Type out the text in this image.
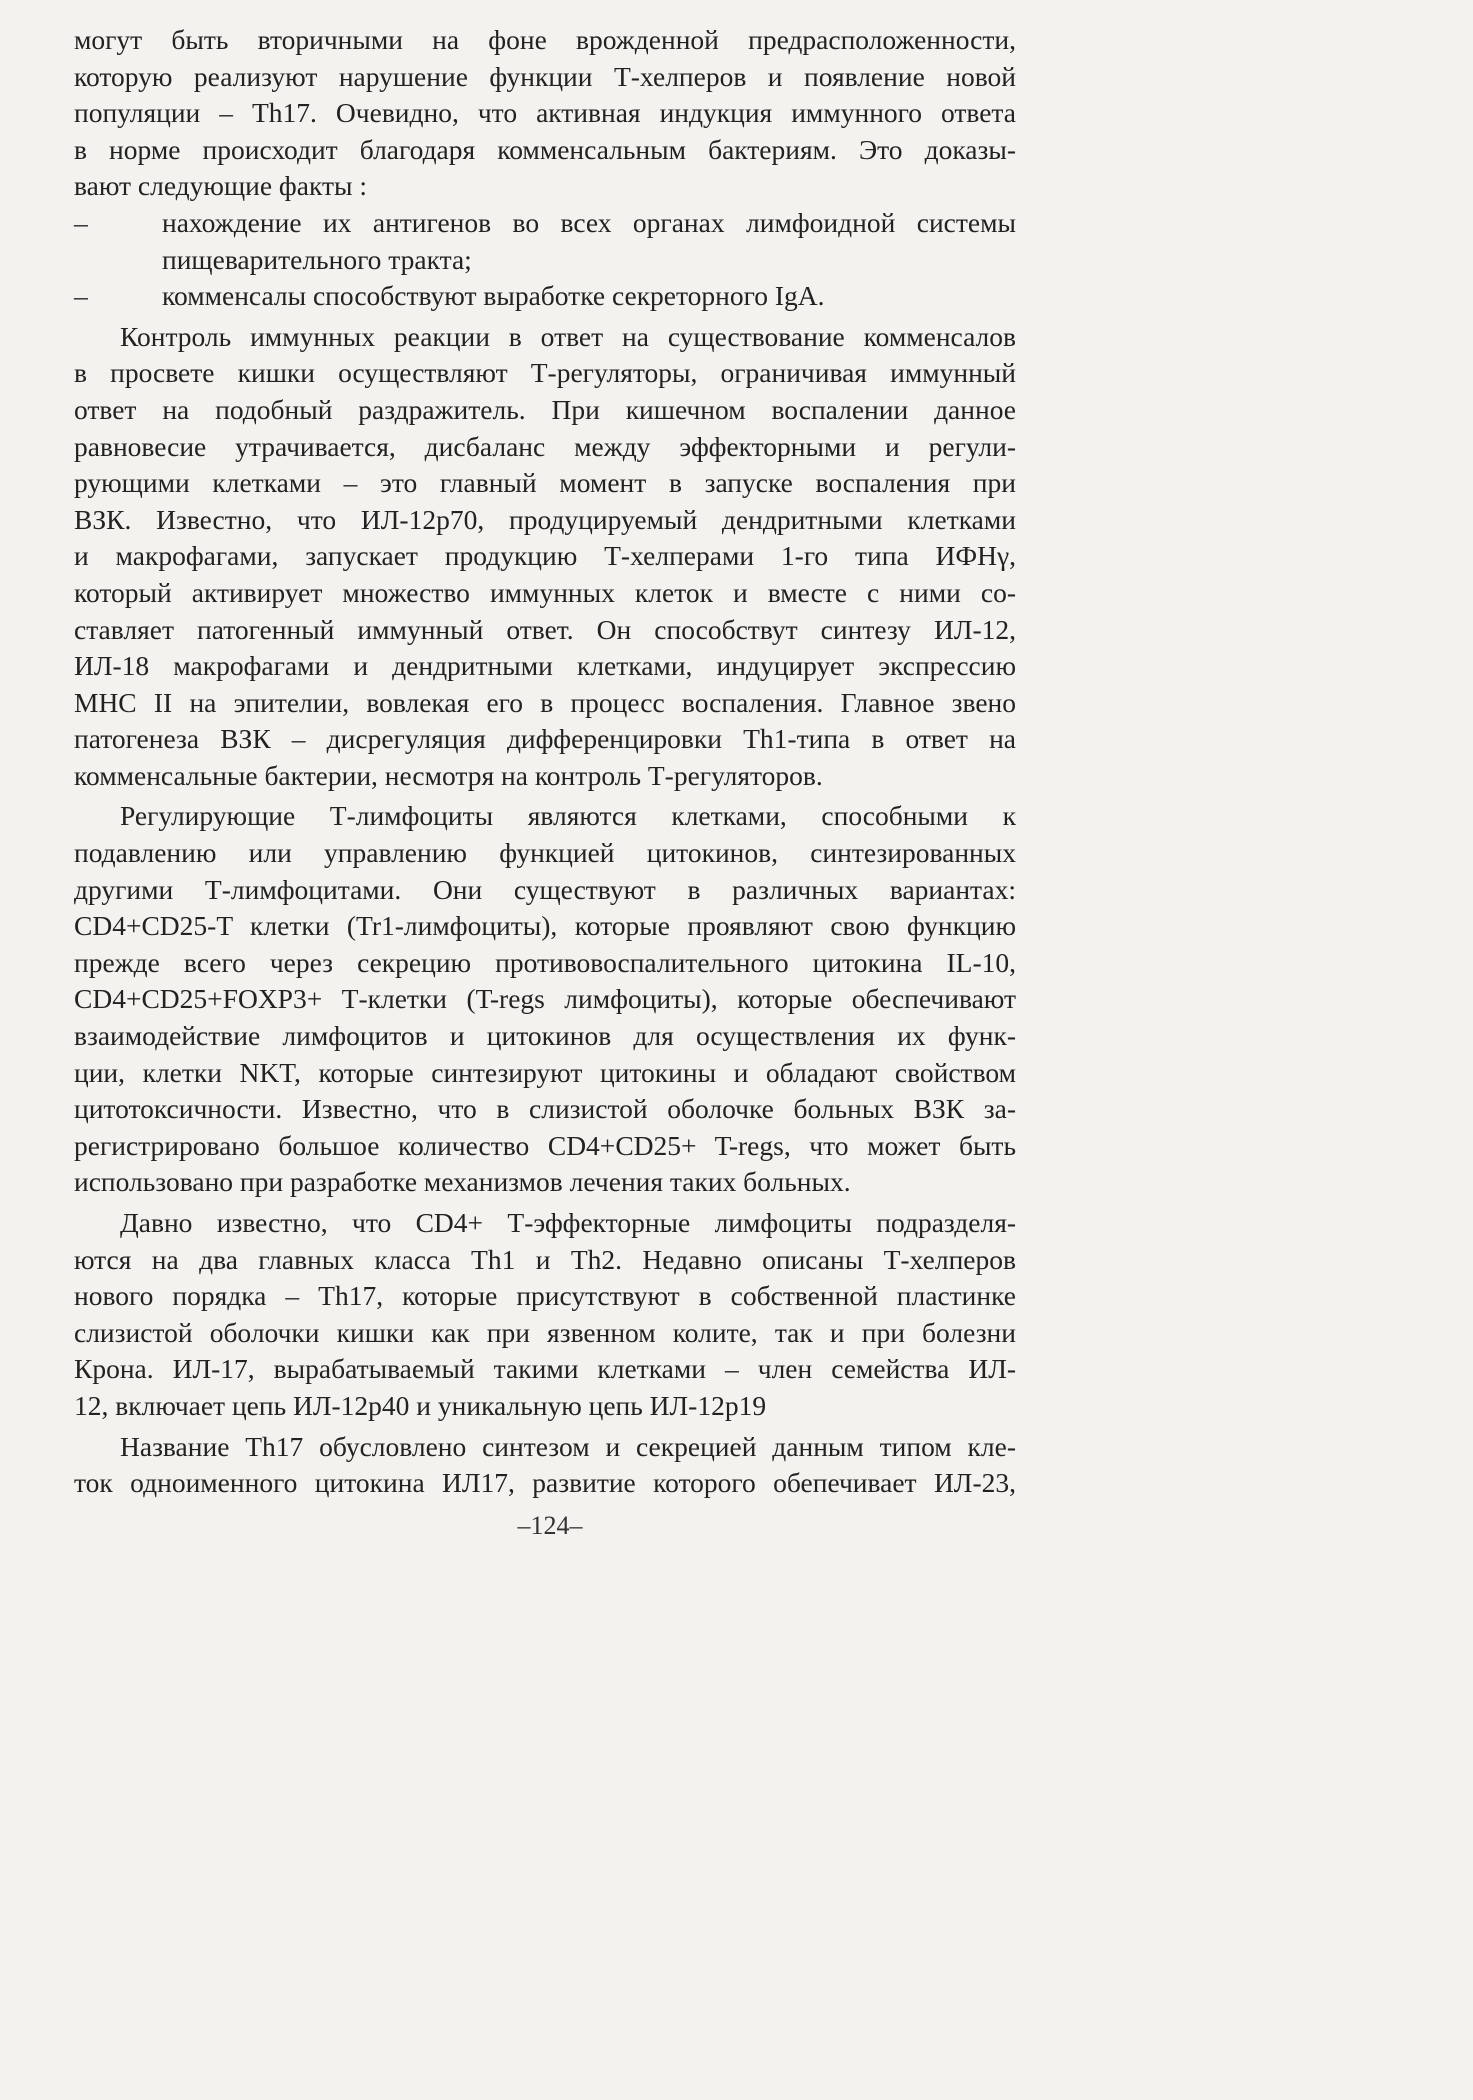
могут быть вторичными на фоне врожденной предрасположенности,
которую реализуют нарушение функции Т-хелперов и появление новой
популяции – Th17. Очевидно, что активная индукция иммунного ответа
в норме происходит благодаря комменсальным бактериям. Это доказы-
вают следующие факты :
–	нахождение их антигенов во всех органах лимфоидной системы
пищеварительного тракта;
–	комменсалы способствуют выработке секреторного IgA.
Контроль иммунных реакции в ответ на существование комменсалов
в просвете кишки осуществляют Т-регуляторы, ограничивая иммунный
ответ на подобный раздражитель. При кишечном воспалении данное
равновесие утрачивается, дисбаланс между эффекторными и регули-
рующими клетками – это главный момент в запуске воспаления при
ВЗК. Известно, что ИЛ-12р70, продуцируемый дендритными клетками
и макрофагами, запускает продукцию Т-хелперами 1-го типа ИФНγ,
который активирует множество иммунных клеток и вместе с ними со-
ставляет патогенный иммунный ответ. Он способствут синтезу ИЛ-12,
ИЛ-18 макрофагами и дендритными клетками, индуцирует экспрессию
МНС II на эпителии, вовлекая его в процесс воспаления. Главное звено
патогенеза ВЗК – дисрегуляция дифференцировки Th1-типа в ответ на
комменсальные бактерии, несмотря на контроль Т-регуляторов.
Регулирующие Т-лимфоциты являются клетками, способными к
подавлению или управлению функцией цитокинов, синтезированных
другими Т-лимфоцитами. Они существуют в различных вариантах:
CD4+CD25-T клетки (Tr1-лимфоциты), которые проявляют свою функцию
прежде всего через секрецию противовоспалительного цитокина IL-10,
CD4+CD25+FOXP3+ Т-клетки (T-regs лимфоциты), которые обеспечивают
взаимодействие лимфоцитов и цитокинов для осуществления их функ-
ции, клетки NKT, которые синтезируют цитокины и обладают свойством
цитотоксичности. Известно, что в слизистой оболочке больных ВЗК за-
регистрировано большое количество CD4+CD25+ T-regs, что может быть
использовано при разработке механизмов лечения таких больных.
Давно известно, что CD4+ Т-эффекторные лимфоциты подразделя-
ются на два главных класса Th1 и Th2. Недавно описаны Т-хелперов
нового порядка – Th17, которые присутствуют в собственной пластинке
слизистой оболочки кишки как при язвенном колите, так и при болезни
Крона. ИЛ-17, вырабатываемый такими клетками – член семейства ИЛ-
12, включает цепь ИЛ-12р40 и уникальную цепь ИЛ-12р19
Название Th17 обусловлено синтезом и секрецией данным типом кле-
ток одноименного цитокина ИЛ17, развитие которого обепечивает ИЛ-23,
–124–
